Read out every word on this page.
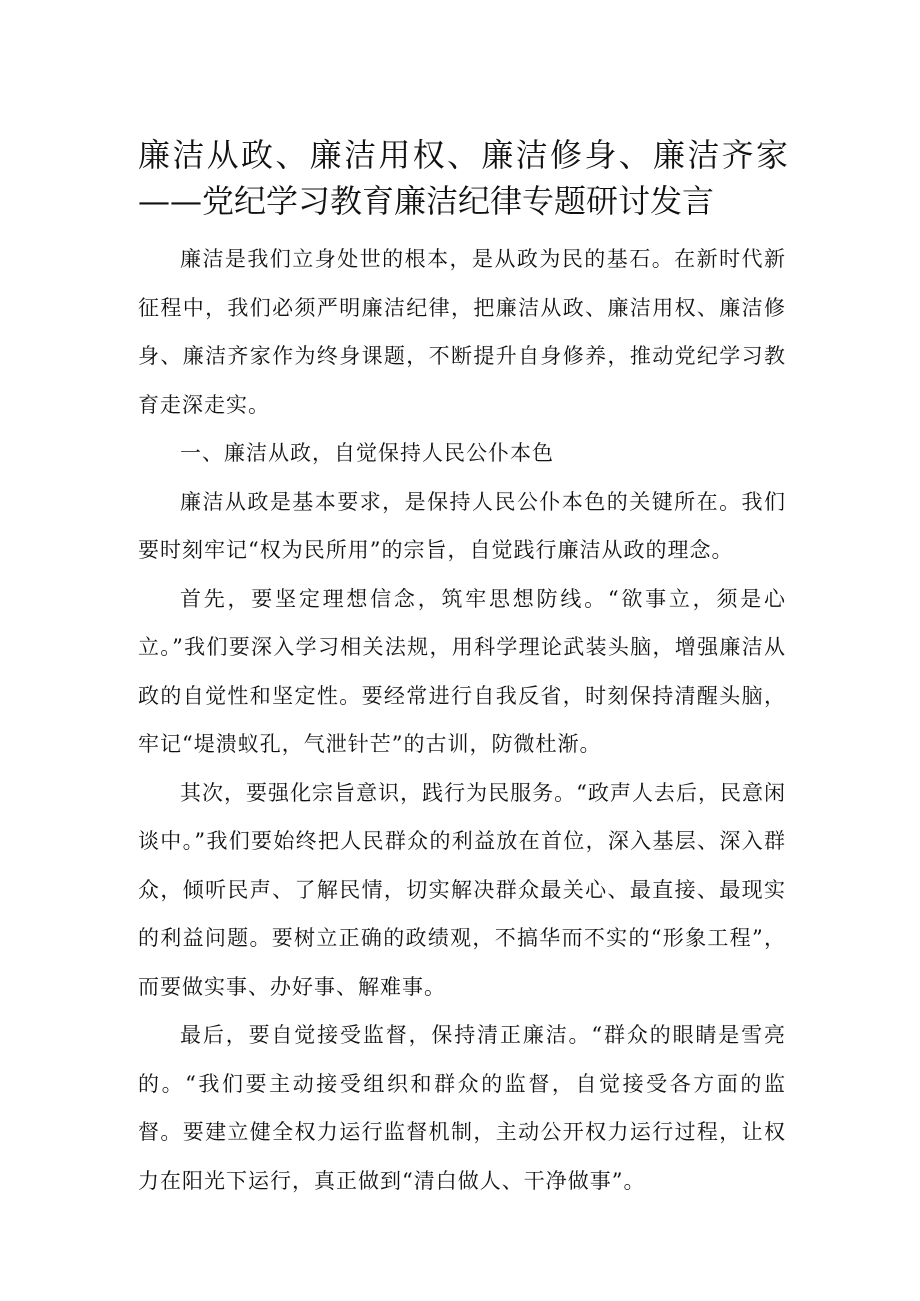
廉洁从政、廉洁用权、廉洁修身、廉洁齐家——党纪学习教育廉洁纪律专题研讨发言

廉洁是我们立身处世的根本，是从政为民的基石。在新时代新征程中，我们必须严明廉洁纪律，把廉洁从政、廉洁用权、廉洁修身、廉洁齐家作为终身课题，不断提升自身修养，推动党纪学习教育走深走实。

一、廉洁从政，自觉保持人民公仆本色

廉洁从政是基本要求，是保持人民公仆本色的关键所在。我们要时刻牢记“权为民所用”的宗旨，自觉践行廉洁从政的理念。

首先，要坚定理想信念，筑牢思想防线。“欲事立，须是心立。”我们要深入学习相关法规，用科学理论武装头脑，增强廉洁从政的自觉性和坚定性。要经常进行自我反省，时刻保持清醒头脑，牢记“堤溃蚁孔，气泄针芒”的古训，防微杜渐。

其次，要强化宗旨意识，践行为民服务。“政声人去后，民意闲谈中。”我们要始终把人民群众的利益放在首位，深入基层、深入群众，倾听民声、了解民情，切实解决群众最关心、最直接、最现实的利益问题。要树立正确的政绩观，不搞华而不实的“形象工程”，而要做实事、办好事、解难事。

最后，要自觉接受监督，保持清正廉洁。“群众的眼睛是雪亮的。“我们要主动接受组织和群众的监督，自觉接受各方面的监督。要建立健全权力运行监督机制，主动公开权力运行过程，让权力在阳光下运行，真正做到“清白做人、干净做事”。
